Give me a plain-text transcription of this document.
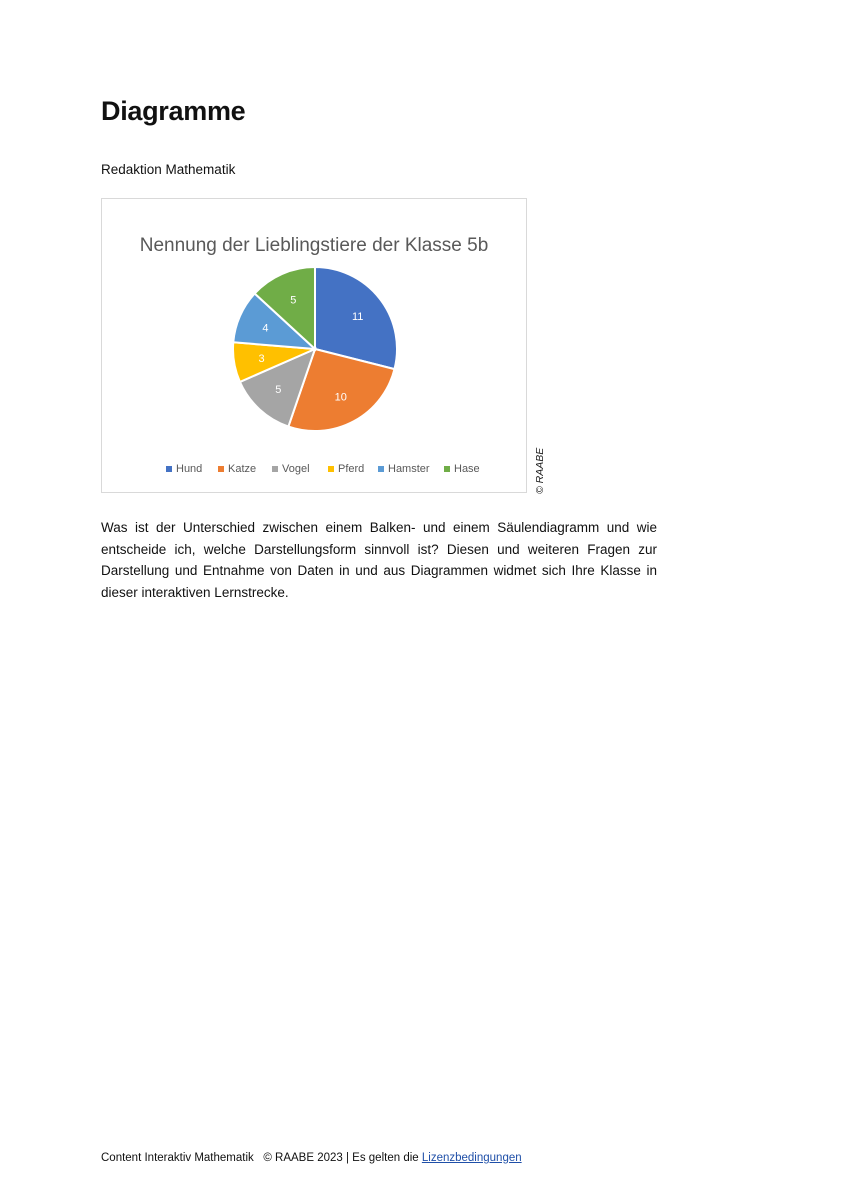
Diagramme
Redaktion Mathematik
Nennung der Lieblingstiere der Klasse 5b
11
10
5
3
4
5
Hund Katze Vogel	Pferd Hamster Hase	© RAABE

Was ist der Unterschied zwischen einem Balken- und einem Säulendiagramm und wie entscheide ich, welche Darstellungsform sinnvoll ist? Diesen und weiteren Fragen zur Darstellung und Entnahme von Daten in und aus Diagrammen widmet sich Ihre Klasse in dieser interaktiven Lernstrecke.

Content Interaktiv Mathematik © RAABE 2023 | Es gelten die Lizenzbedingungen
